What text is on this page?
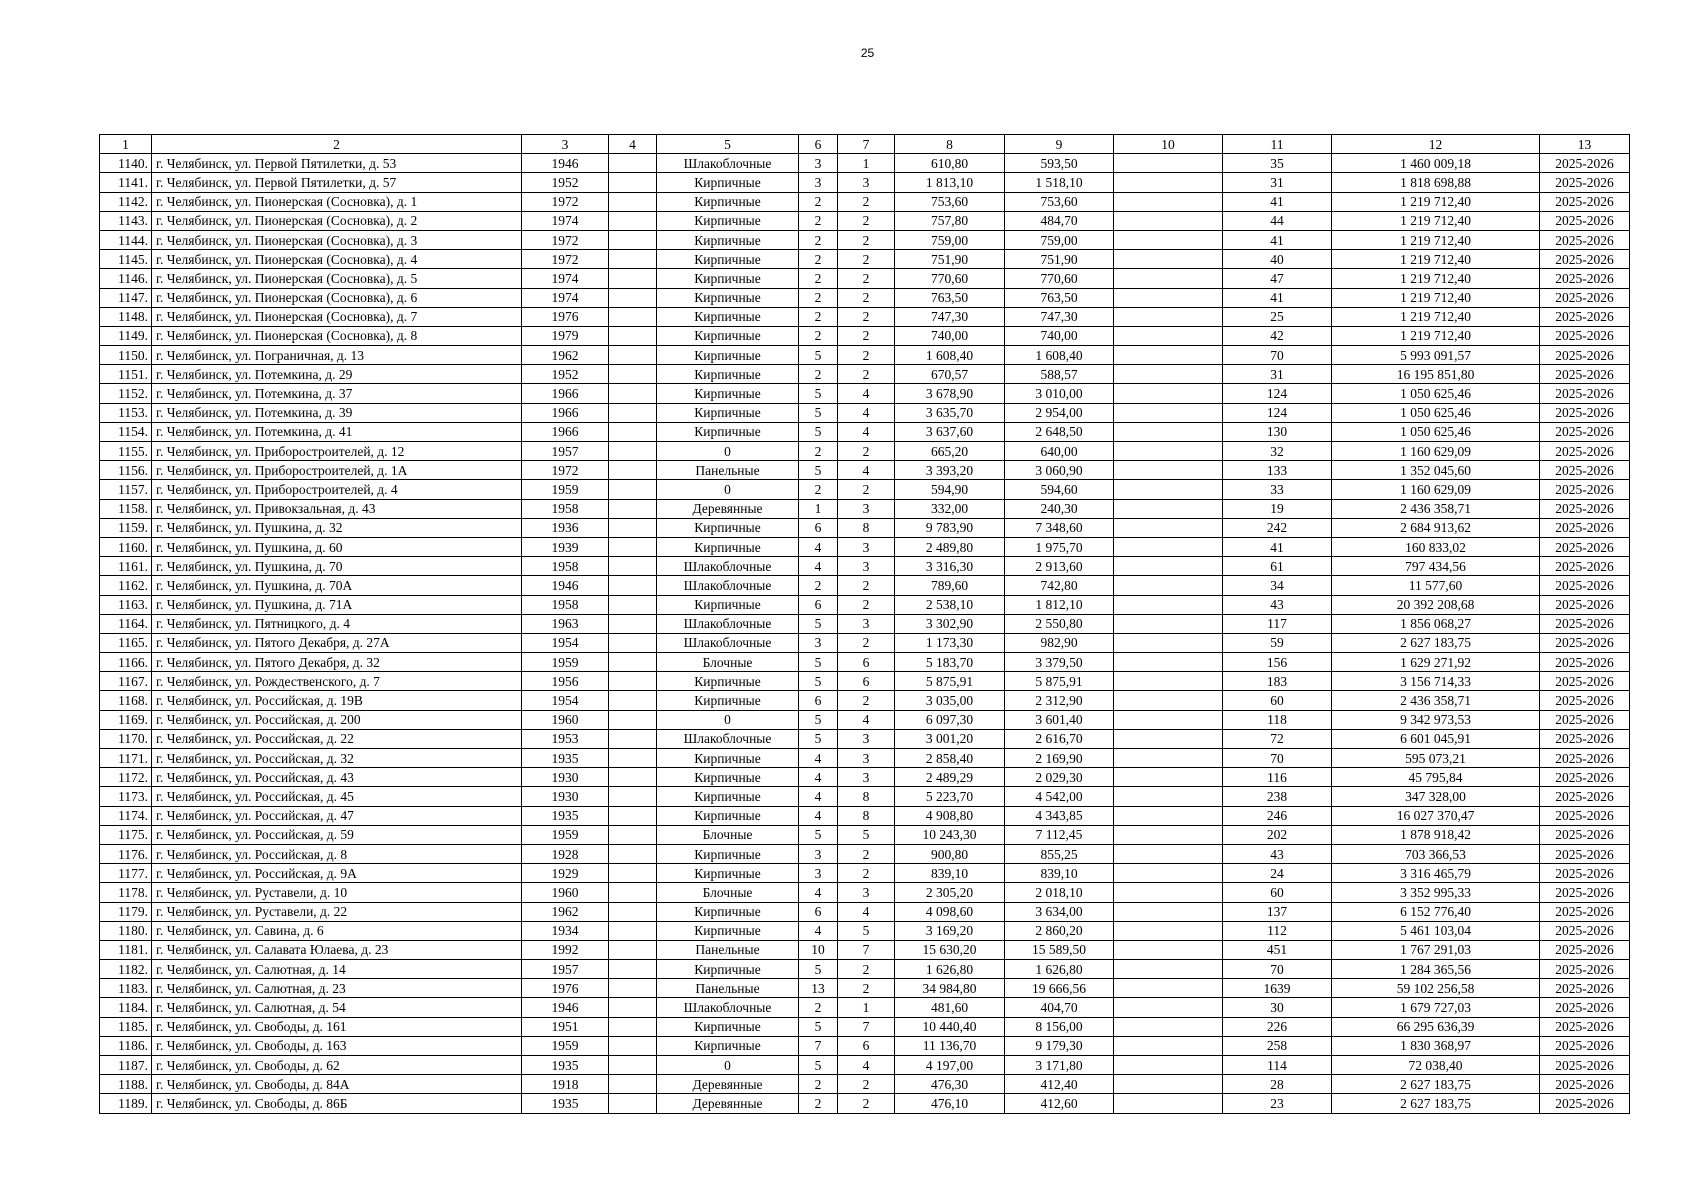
25
1	2	3	4	5	6	7	8	9	10	11	12	13
1140.	г. Челябинск, ул. Первой Пятилетки, д. 53	1946		Шлакоблочные	3	1	610,80	593,50		35	1 460 009,18	2025-2026
1141.	г. Челябинск, ул. Первой Пятилетки, д. 57	1952		Кирпичные	3	3	1 813,10	1 518,10		31	1 818 698,88	2025-2026
1142.	г. Челябинск, ул. Пионерская (Сосновка), д. 1	1972		Кирпичные	2	2	753,60	753,60		41	1 219 712,40	2025-2026
1143.	г. Челябинск, ул. Пионерская (Сосновка), д. 2	1974		Кирпичные	2	2	757,80	484,70		44	1 219 712,40	2025-2026
1144.	г. Челябинск, ул. Пионерская (Сосновка), д. 3	1972		Кирпичные	2	2	759,00	759,00		41	1 219 712,40	2025-2026
1145.	г. Челябинск, ул. Пионерская (Сосновка), д. 4	1972		Кирпичные	2	2	751,90	751,90		40	1 219 712,40	2025-2026
1146.	г. Челябинск, ул. Пионерская (Сосновка), д. 5	1974		Кирпичные	2	2	770,60	770,60		47	1 219 712,40	2025-2026
1147.	г. Челябинск, ул. Пионерская (Сосновка), д. 6	1974		Кирпичные	2	2	763,50	763,50		41	1 219 712,40	2025-2026
1148.	г. Челябинск, ул. Пионерская (Сосновка), д. 7	1976		Кирпичные	2	2	747,30	747,30		25	1 219 712,40	2025-2026
1149.	г. Челябинск, ул. Пионерская (Сосновка), д. 8	1979		Кирпичные	2	2	740,00	740,00		42	1 219 712,40	2025-2026
1150.	г. Челябинск, ул. Пограничная, д. 13	1962		Кирпичные	5	2	1 608,40	1 608,40		70	5 993 091,57	2025-2026
1151.	г. Челябинск, ул. Потемкина, д. 29	1952		Кирпичные	2	2	670,57	588,57		31	16 195 851,80	2025-2026
1152.	г. Челябинск, ул. Потемкина, д. 37	1966		Кирпичные	5	4	3 678,90	3 010,00		124	1 050 625,46	2025-2026
1153.	г. Челябинск, ул. Потемкина, д. 39	1966		Кирпичные	5	4	3 635,70	2 954,00		124	1 050 625,46	2025-2026
1154.	г. Челябинск, ул. Потемкина, д. 41	1966		Кирпичные	5	4	3 637,60	2 648,50		130	1 050 625,46	2025-2026
1155.	г. Челябинск, ул. Приборостроителей, д. 12	1957		0	2	2	665,20	640,00		32	1 160 629,09	2025-2026
1156.	г. Челябинск, ул. Приборостроителей, д. 1А	1972		Панельные	5	4	3 393,20	3 060,90		133	1 352 045,60	2025-2026
1157.	г. Челябинск, ул. Приборостроителей, д. 4	1959		0	2	2	594,90	594,60		33	1 160 629,09	2025-2026
1158.	г. Челябинск, ул. Привокзальная, д. 43	1958		Деревянные	1	3	332,00	240,30		19	2 436 358,71	2025-2026
1159.	г. Челябинск, ул. Пушкина, д. 32	1936		Кирпичные	6	8	9 783,90	7 348,60		242	2 684 913,62	2025-2026
1160.	г. Челябинск, ул. Пушкина, д. 60	1939		Кирпичные	4	3	2 489,80	1 975,70		41	160 833,02	2025-2026
1161.	г. Челябинск, ул. Пушкина, д. 70	1958		Шлакоблочные	4	3	3 316,30	2 913,60		61	797 434,56	2025-2026
1162.	г. Челябинск, ул. Пушкина, д. 70А	1946		Шлакоблочные	2	2	789,60	742,80		34	11 577,60	2025-2026
1163.	г. Челябинск, ул. Пушкина, д. 71А	1958		Кирпичные	6	2	2 538,10	1 812,10		43	20 392 208,68	2025-2026
1164.	г. Челябинск, ул. Пятницкого, д. 4	1963		Шлакоблочные	5	3	3 302,90	2 550,80		117	1 856 068,27	2025-2026
1165.	г. Челябинск, ул. Пятого Декабря, д. 27А	1954		Шлакоблочные	3	2	1 173,30	982,90		59	2 627 183,75	2025-2026
1166.	г. Челябинск, ул. Пятого Декабря, д. 32	1959		Блочные	5	6	5 183,70	3 379,50		156	1 629 271,92	2025-2026
1167.	г. Челябинск, ул. Рождественского, д. 7	1956		Кирпичные	5	6	5 875,91	5 875,91		183	3 156 714,33	2025-2026
1168.	г. Челябинск, ул. Российская, д. 19В	1954		Кирпичные	6	2	3 035,00	2 312,90		60	2 436 358,71	2025-2026
1169.	г. Челябинск, ул. Российская, д. 200	1960		0	5	4	6 097,30	3 601,40		118	9 342 973,53	2025-2026
1170.	г. Челябинск, ул. Российская, д. 22	1953		Шлакоблочные	5	3	3 001,20	2 616,70		72	6 601 045,91	2025-2026
1171.	г. Челябинск, ул. Российская, д. 32	1935		Кирпичные	4	3	2 858,40	2 169,90		70	595 073,21	2025-2026
1172.	г. Челябинск, ул. Российская, д. 43	1930		Кирпичные	4	3	2 489,29	2 029,30		116	45 795,84	2025-2026
1173.	г. Челябинск, ул. Российская, д. 45	1930		Кирпичные	4	8	5 223,70	4 542,00		238	347 328,00	2025-2026
1174.	г. Челябинск, ул. Российская, д. 47	1935		Кирпичные	4	8	4 908,80	4 343,85		246	16 027 370,47	2025-2026
1175.	г. Челябинск, ул. Российская, д. 59	1959		Блочные	5	5	10 243,30	7 112,45		202	1 878 918,42	2025-2026
1176.	г. Челябинск, ул. Российская, д. 8	1928		Кирпичные	3	2	900,80	855,25		43	703 366,53	2025-2026
1177.	г. Челябинск, ул. Российская, д. 9А	1929		Кирпичные	3	2	839,10	839,10		24	3 316 465,79	2025-2026
1178.	г. Челябинск, ул. Руставели, д. 10	1960		Блочные	4	3	2 305,20	2 018,10		60	3 352 995,33	2025-2026
1179.	г. Челябинск, ул. Руставели, д. 22	1962		Кирпичные	6	4	4 098,60	3 634,00		137	6 152 776,40	2025-2026
1180.	г. Челябинск, ул. Савина, д. 6	1934		Кирпичные	4	5	3 169,20	2 860,20		112	5 461 103,04	2025-2026
1181.	г. Челябинск, ул. Салавата Юлаева, д. 23	1992		Панельные	10	7	15 630,20	15 589,50		451	1 767 291,03	2025-2026
1182.	г. Челябинск, ул. Салютная, д. 14	1957		Кирпичные	5	2	1 626,80	1 626,80		70	1 284 365,56	2025-2026
1183.	г. Челябинск, ул. Салютная, д. 23	1976		Панельные	13	2	34 984,80	19 666,56		1639	59 102 256,58	2025-2026
1184.	г. Челябинск, ул. Салютная, д. 54	1946		Шлакоблочные	2	1	481,60	404,70		30	1 679 727,03	2025-2026
1185.	г. Челябинск, ул. Свободы, д. 161	1951		Кирпичные	5	7	10 440,40	8 156,00		226	66 295 636,39	2025-2026
1186.	г. Челябинск, ул. Свободы, д. 163	1959		Кирпичные	7	6	11 136,70	9 179,30		258	1 830 368,97	2025-2026
1187.	г. Челябинск, ул. Свободы, д. 62	1935		0	5	4	4 197,00	3 171,80		114	72 038,40	2025-2026
1188.	г. Челябинск, ул. Свободы, д. 84А	1918		Деревянные	2	2	476,30	412,40		28	2 627 183,75	2025-2026
1189.	г. Челябинск, ул. Свободы, д. 86Б	1935		Деревянные	2	2	476,10	412,60		23	2 627 183,75	2025-2026
